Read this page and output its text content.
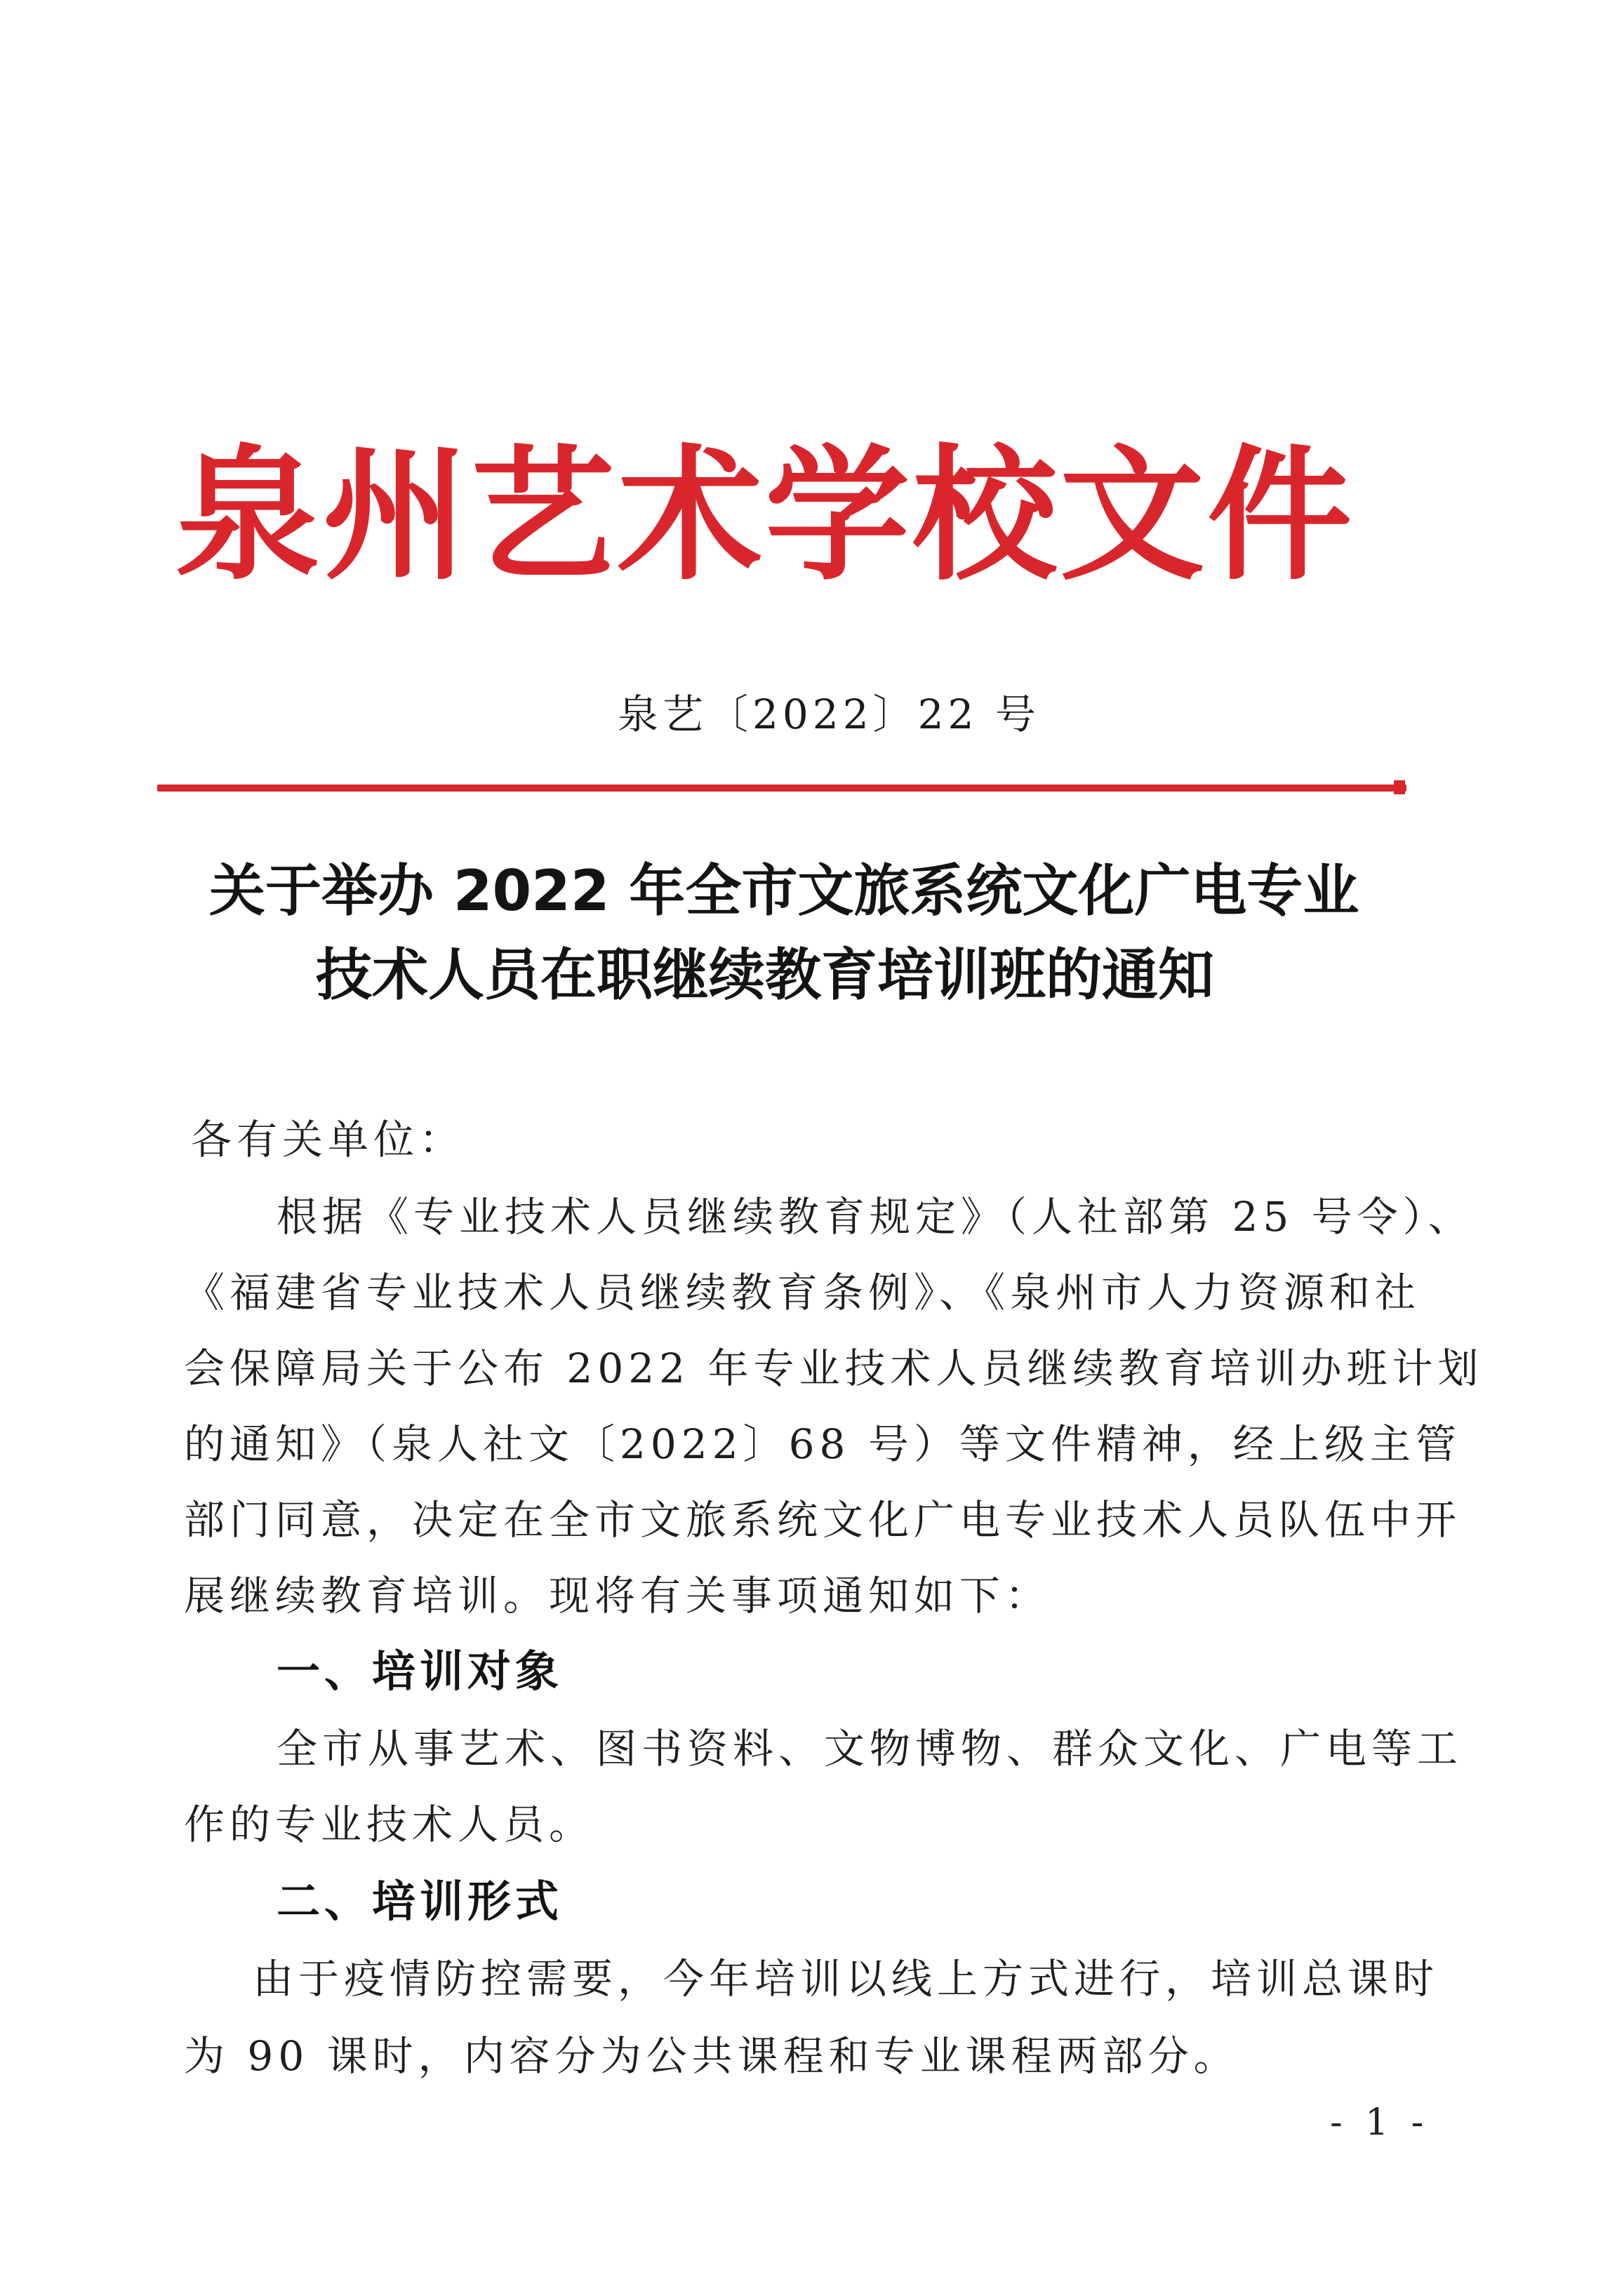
泉州艺术学校文件
泉艺〔2022〕22 号
关于举办 2022 年全市文旅系统文化广电专业
技术人员在职继续教育培训班的通知
各有关单位：
根据《专业技术人员继续教育规定》（人社部第 25 号令）、
《福建省专业技术人员继续教育条例》、《泉州市人力资源和社
会保障局关于公布 2022 年专业技术人员继续教育培训办班计划
的通知》（泉人社文〔2022〕68 号）等文件精神，经上级主管
部门同意，决定在全市文旅系统文化广电专业技术人员队伍中开
展继续教育培训。现将有关事项通知如下：
一、培训对象
全市从事艺术、图书资料、文物博物、群众文化、广电等工
作的专业技术人员。
二、培训形式
由于疫情防控需要，今年培训以线上方式进行，培训总课时
为 90 课时，内容分为公共课程和专业课程两部分。
- 1 -
